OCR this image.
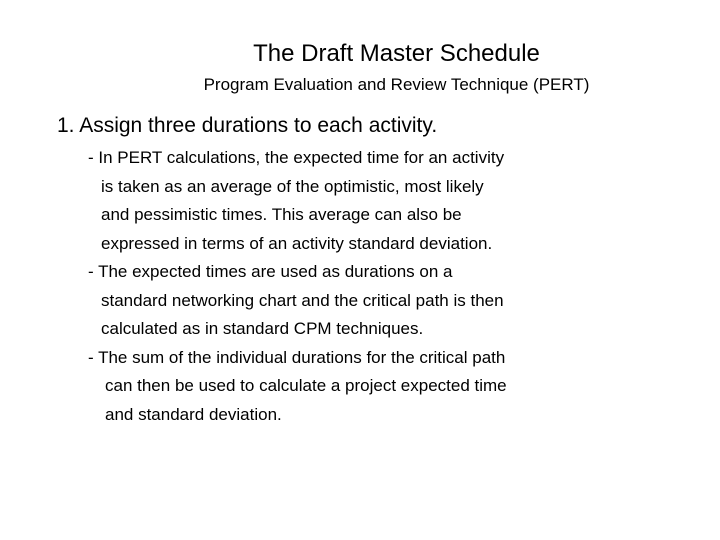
The Draft Master Schedule
Program Evaluation and Review Technique (PERT)
1. Assign three durations to each activity.
- In PERT calculations, the expected time for an activity
is taken as an average of the optimistic, most likely
and pessimistic times. This average can also be
expressed in terms of an activity standard deviation.
- The expected times are used as durations on a
standard networking chart and the critical path is then
calculated as in standard CPM techniques.
- The sum of the individual durations for the critical path
can then be used to calculate a project expected time
and standard deviation.
